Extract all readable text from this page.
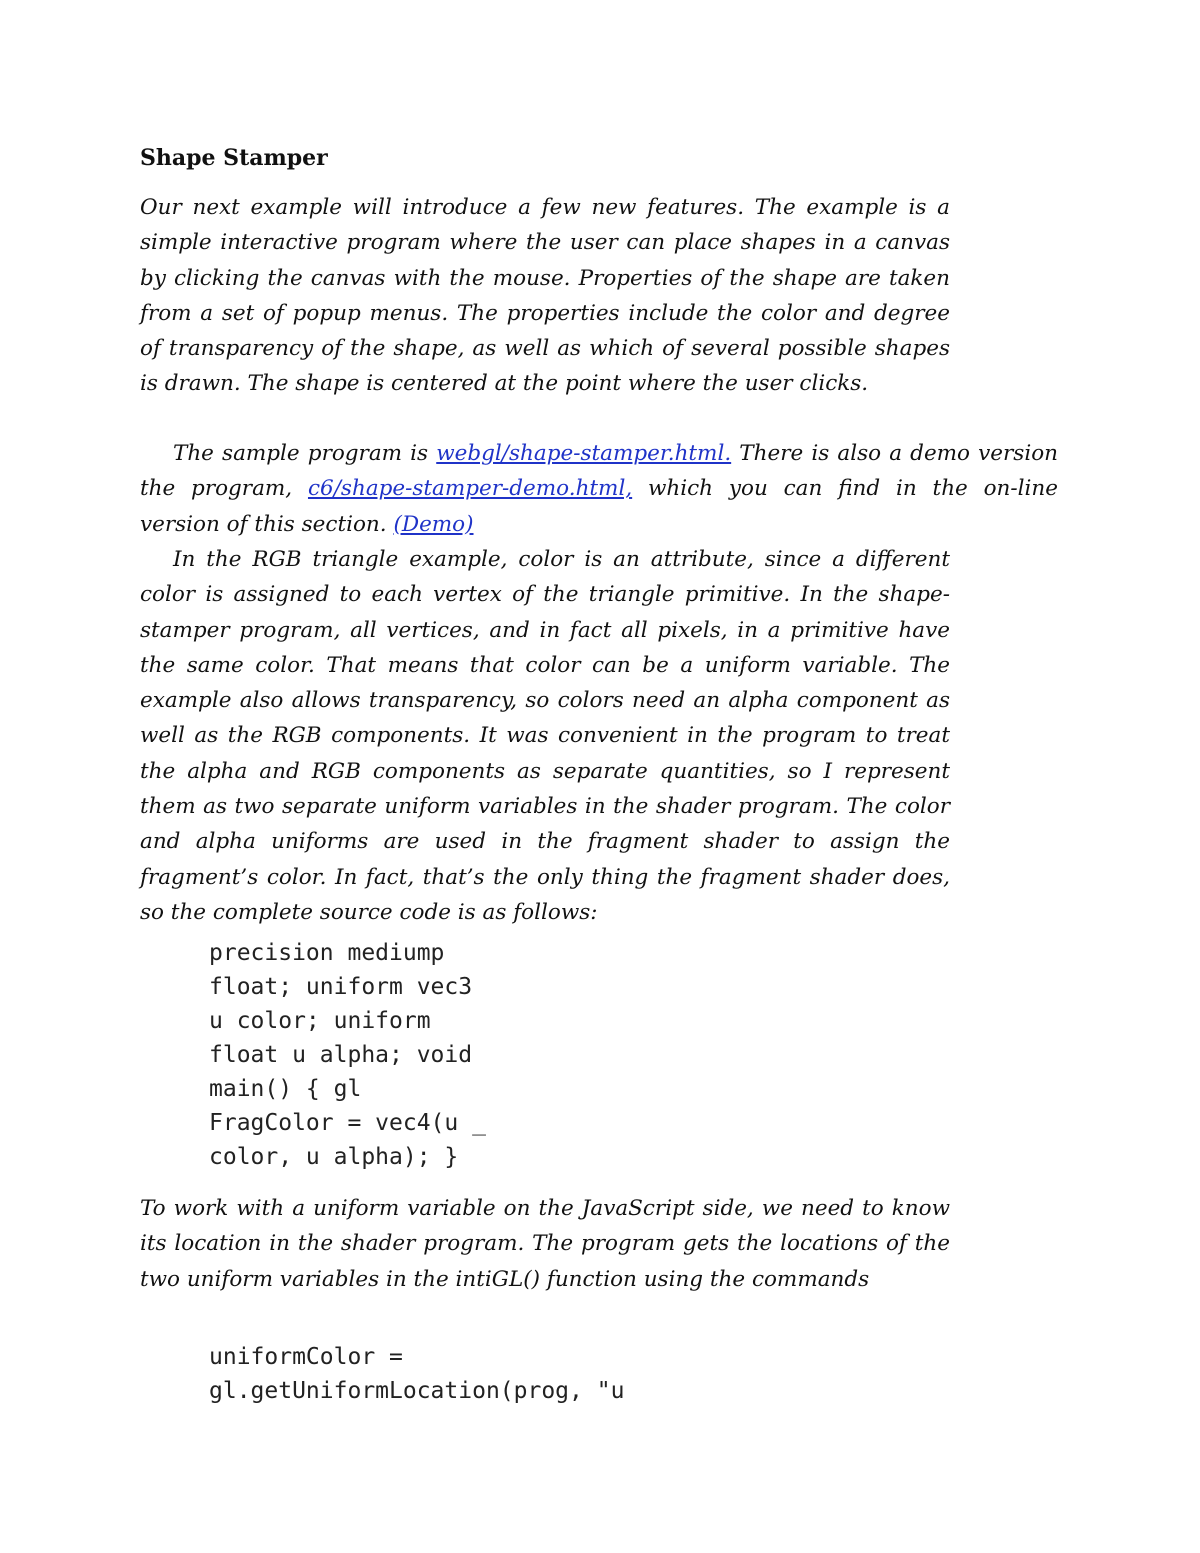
Shape Stamper

Our next example will introduce a few new features. The example is a simple interactive program where the user can place shapes in a canvas by clicking the canvas with the mouse. Properties of the shape are taken from a set of popup menus. The properties include the color and degree of transparency of the shape, as well as which of several possible shapes is drawn. The shape is centered at the point where the user clicks.

The sample program is webgl/shape-stamper.html. There is also a demo version the program, c6/shape-stamper-demo.html, which you can find in the on-line version of this section. (Demo)

In the RGB triangle example, color is an attribute, since a different color is assigned to each vertex of the triangle primitive. In the shape-stamper program, all vertices, and in fact all pixels, in a primitive have the same color. That means that color can be a uniform variable. The example also allows transparency, so colors need an alpha component as well as the RGB components. It was convenient in the program to treat the alpha and RGB components as separate quantities, so I represent them as two separate uniform variables in the shader program. The color and alpha uniforms are used in the fragment shader to assign the fragment’s color. In fact, that’s the only thing the fragment shader does, so the complete source code is as follows:

precision mediump
float; uniform vec3
u color; uniform
float u alpha; void
main() { gl
FragColor = vec4(u _
color, u alpha); }

To work with a uniform variable on the JavaScript side, we need to know its location in the shader program. The program gets the locations of the two uniform variables in the intiGL() function using the commands

uniformColor =
gl.getUniformLocation(prog, "u
